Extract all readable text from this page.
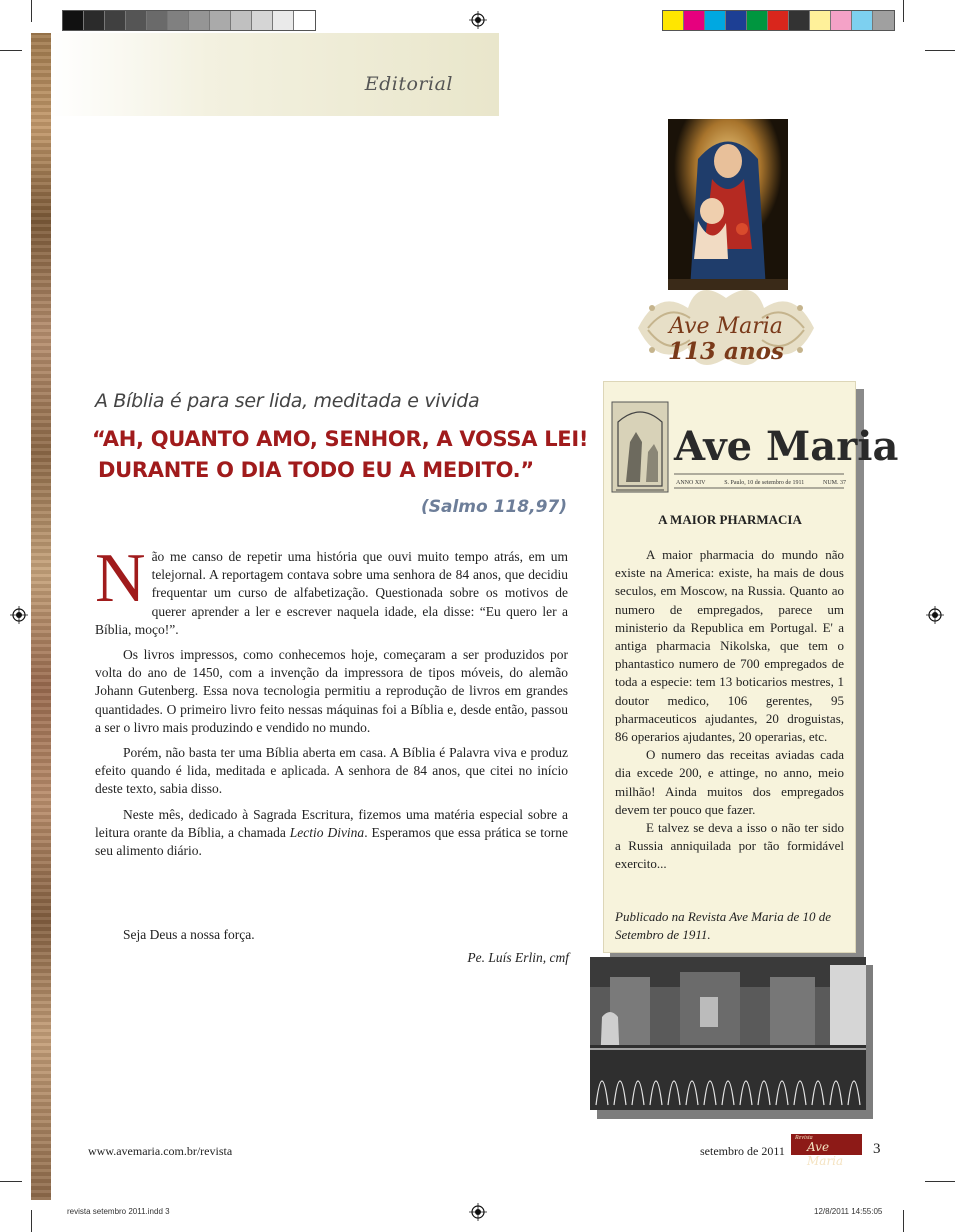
Editorial
Ave Maria
113 anos
Ave Maria
ANNO XIV	S. Paulo, 10 de setembro de 1911	NUM. 37
A MAIOR PHARMACIA

A maior pharmacia do mundo não existe na America: existe, ha mais de dous seculos, em Moscow, na Russia. Quanto ao numero de empregados, parece um ministerio da Republica em Portugal. E' a antiga pharmacia Nikolska, que tem o phantastico numero de 700 empregados de toda a especie: tem 13 boticarios mestres, 1 doutor medico, 106 gerentes, 95 pharmaceuticos ajudantes, 20 droguistas, 86 operarios ajudantes, 20 operarias, etc.

O numero das receitas aviadas cada dia excede 200, e attinge, no anno, meio milhão! Ainda muitos dos empregados devem ter pouco que fazer.

E talvez se deva a isso o não ter sido a Russia anniquilada por tão formidável exercito...

Publicado na Revista Ave Maria de 10 de Setembro de 1911.
A Bíblia é para ser lida, meditada e vivida
“AH, QUANTO AMO, SENHOR, A VOSSA LEI!
DURANTE O DIA TODO EU A MEDITO.”
(Salmo 118,97)

Não me canso de repetir uma história que ouvi muito tempo atrás, em um telejornal. A reportagem contava sobre uma senhora de 84 anos, que decidiu frequentar um curso de alfabetização. Questionada sobre os motivos de querer aprender a ler e escrever naquela idade, ela disse: “Eu quero ler a Bíblia, moço!”.

Os livros impressos, como conhecemos hoje, começaram a ser produzidos por volta do ano de 1450, com a invenção da impressora de tipos móveis, do alemão Johann Gutenberg. Essa nova tecnologia permitiu a reprodução de livros em grandes quantidades. O primeiro livro feito nessas máquinas foi a Bíblia e, desde então, passou a ser o livro mais produzindo e vendido no mundo.

Porém, não basta ter uma Bíblia aberta em casa. A Bíblia é Palavra viva e produz efeito quando é lida, meditada e aplicada. A senhora de 84 anos, que citei no início deste texto, sabia disso.

Neste mês, dedicado à Sagrada Escritura, fizemos uma matéria especial sobre a leitura orante da Bíblia, a chamada Lectio Divina. Esperamos que essa prática se torne seu alimento diário.

Seja Deus a nossa força.
Pe. Luís Erlin, cmf
www.avemaria.com.br/revista	setembro de 2011
Revista
Ave Maria
3
revista setembro 2011.indd 3	12/8/2011 14:55:05
